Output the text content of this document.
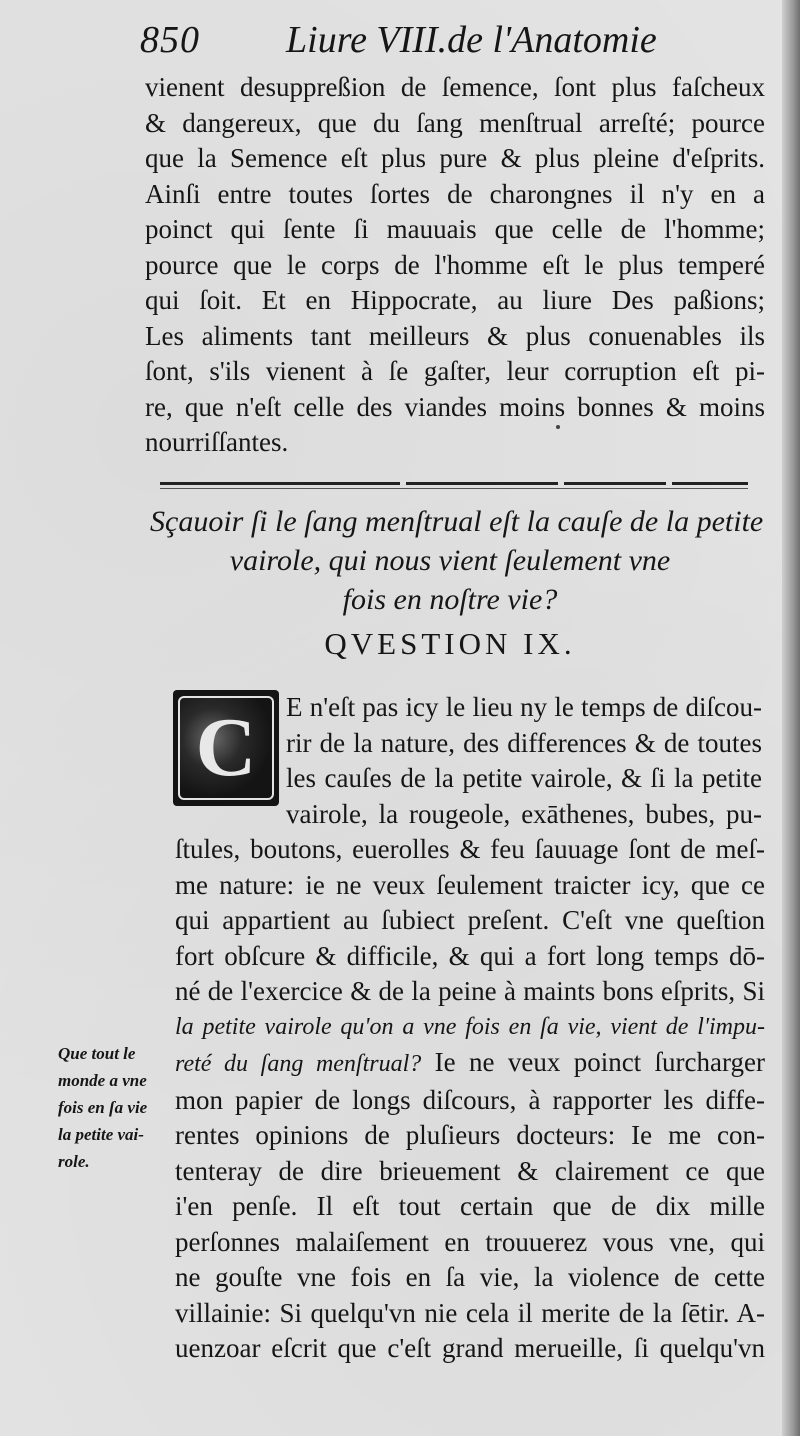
850 Liure VIII.de l'Anatomie
vienent desuppreßion de ſemence, ſont plus faſcheux
& dangereux, que du ſang menſtrual arreſté; pource
que la Semence eſt plus pure & plus pleine d'eſprits.
Ainſi entre toutes ſortes de charongnes il n'y en a
poinct qui ſente ſi mauuais que celle de l'homme;
pource que le corps de l'homme eſt le plus temperé
qui ſoit. Et en Hippocrate, au liure Des paßions;
Les aliments tant meilleurs & plus conuenables ils
ſont, s'ils vienent à ſe gaſter, leur corruption eſt pi-
re, que n'eſt celle des viandes moins bonnes & moins
nourriſſantes.
Sçauoir ſi le ſang menſtrual eſt la cauſe de la petite
vairole, qui nous vient ſeulement vne
fois en noſtre vie?
QVESTION IX.
C E n'eſt pas icy le lieu ny le temps de diſcou-
rir de la nature, des differences & de toutes
les cauſes de la petite vairole, & ſi la petite
vairole, la rougeole, exāthenes, bubes, pu-
ſtules, boutons, euerolles & feu ſauuage ſont de meſ-
me nature: ie ne veux ſeulement traicter icy, que ce
qui appartient au ſubiect preſent. C'eſt vne queſtion
fort obſcure & difficile, & qui a fort long temps dō-
né de l'exercice & de la peine à maints bons eſprits, Si
la petite vairole qu'on a vne fois en ſa vie, vient de l'impu-
reté du ſang menſtrual? Ie ne veux poinct ſurcharger
mon papier de longs diſcours, à rapporter les diffe-
rentes opinions de pluſieurs docteurs: Ie me con-
tenteray de dire brieuement & clairement ce que
i'en penſe. Il eſt tout certain que de dix mille
perſonnes malaiſement en trouuerez vous vne, qui
ne gouſte vne fois en ſa vie, la violence de cette
villainie: Si quelqu'vn nie cela il merite de la ſētir. A-
uenzoar eſcrit que c'eſt grand merueille, ſi quelqu'vn
Que tout le
monde a vne
fois en ſa vie
la petite vai-
role.
